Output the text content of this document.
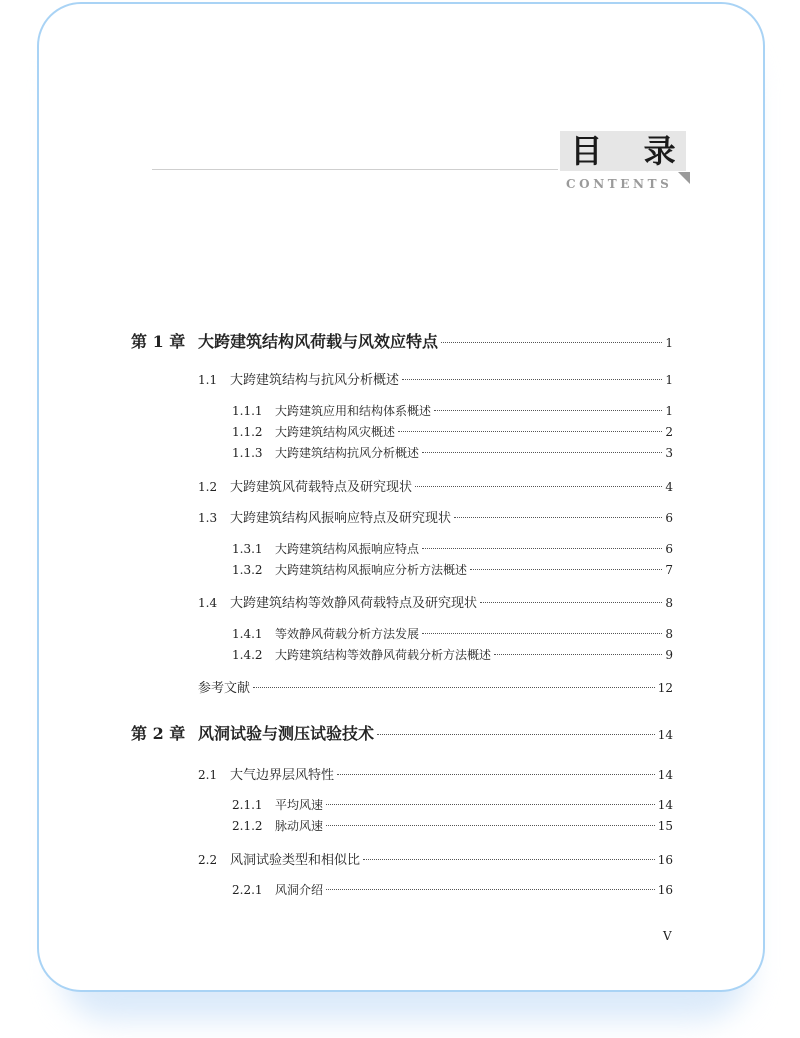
目 录
CONTENTS
第 1 章 大跨建筑结构风荷载与风效应特点	1
1.1 大跨建筑结构与抗风分析概述	1
1.1.1	大跨建筑应用和结构体系概述	1
1.1.2	大跨建筑结构风灾概述	2
1.1.3	大跨建筑结构抗风分析概述	3
1.2 大跨建筑风荷载特点及研究现状	4
1.3 大跨建筑结构风振响应特点及研究现状	6
1.3.1	大跨建筑结构风振响应特点	6
1.3.2	大跨建筑结构风振响应分析方法概述	7
1.4 大跨建筑结构等效静风荷载特点及研究现状	8
1.4.1	等效静风荷载分析方法发展	8
1.4.2	大跨建筑结构等效静风荷载分析方法概述	9
参考文献	12
第 2 章 风洞试验与测压试验技术	14
2.1 大气边界层风特性	14
2.1.1	平均风速	14
2.1.2	脉动风速	15
2.2 风洞试验类型和相似比	16
2.2.1	风洞介绍	16
V
